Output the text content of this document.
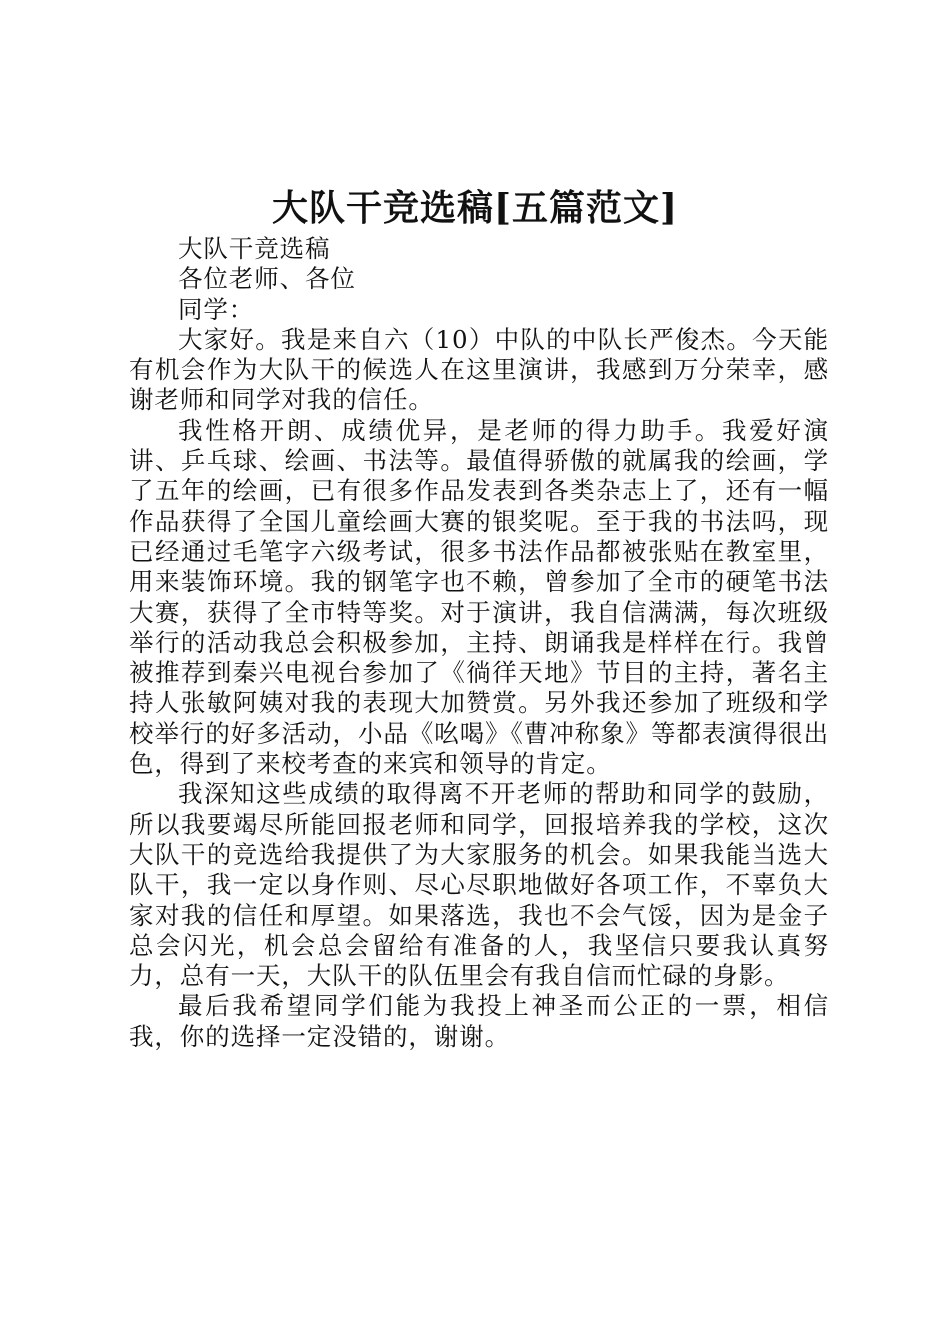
大队干竞选稿[五篇范文]

大队干竞选稿

各位老师、各位

同学：

大家好。我是来自六（10）中队的中队长严俊杰。今天能有机会作为大队干的候选人在这里演讲，我感到万分荣幸，感谢老师和同学对我的信任。

我性格开朗、成绩优异，是老师的得力助手。我爱好演讲、乒乓球、绘画、书法等。最值得骄傲的就属我的绘画，学了五年的绘画，已有很多作品发表到各类杂志上了，还有一幅作品获得了全国儿童绘画大赛的银奖呢。至于我的书法吗，现已经通过毛笔字六级考试，很多书法作品都被张贴在教室里，用来装饰环境。我的钢笔字也不赖，曾参加了全市的硬笔书法大赛，获得了全市特等奖。对于演讲，我自信满满，每次班级举行的活动我总会积极参加，主持、朗诵我是样样在行。我曾被推荐到秦兴电视台参加了《徜徉天地》节目的主持，著名主持人张敏阿姨对我的表现大加赞赏。另外我还参加了班级和学校举行的好多活动，小品《吆喝》《曹冲称象》等都表演得很出色，得到了来校考查的来宾和领导的肯定。

我深知这些成绩的取得离不开老师的帮助和同学的鼓励，所以我要竭尽所能回报老师和同学，回报培养我的学校，这次大队干的竞选给我提供了为大家服务的机会。如果我能当选大队干，我一定以身作则、尽心尽职地做好各项工作，不辜负大家对我的信任和厚望。如果落选，我也不会气馁，因为是金子总会闪光，机会总会留给有准备的人，我坚信只要我认真努力，总有一天，大队干的队伍里会有我自信而忙碌的身影。

最后我希望同学们能为我投上神圣而公正的一票，相信我，你的选择一定没错的，谢谢。
